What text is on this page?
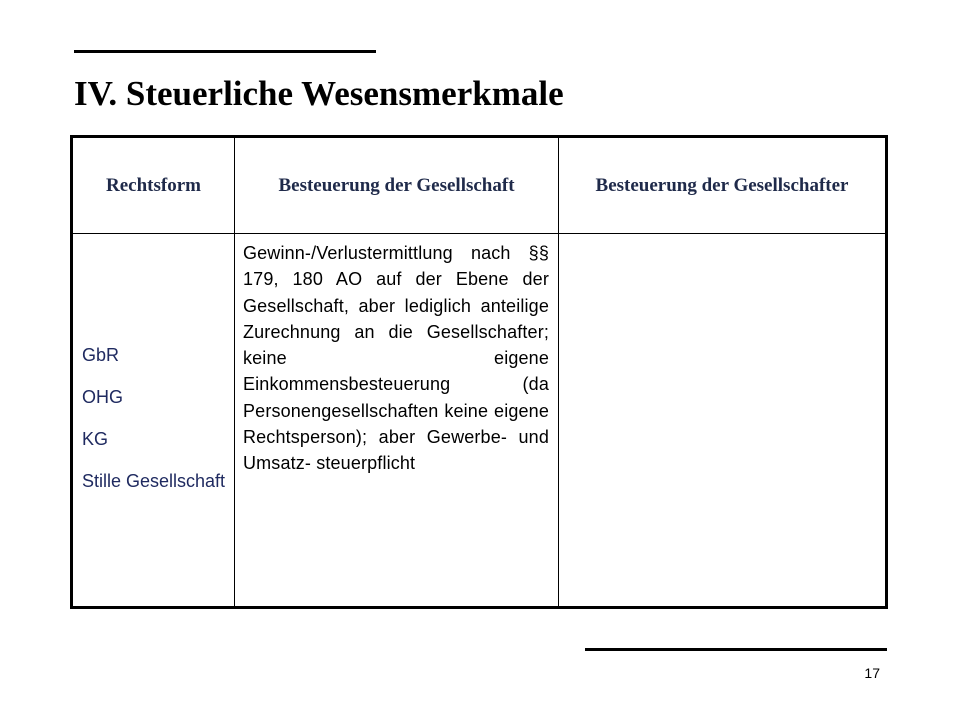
IV. Steuerliche Wesensmerkmale
Rechtsform	Besteuerung der Gesellschaft	Besteuerung der Gesellschafter
GbR
OHG
KG
Stille Gesellschaft

Gewinn-/Verlustermittlung nach §§ 179, 180 AO auf der Ebene der Gesellschaft, aber lediglich anteilige Zurechnung an die Gesellschafter; keine eigene Einkommensbesteuerung (da Personengesellschaften keine eigene Rechtsperson); aber Gewerbe- und Umsatz- steuerpflicht

17
